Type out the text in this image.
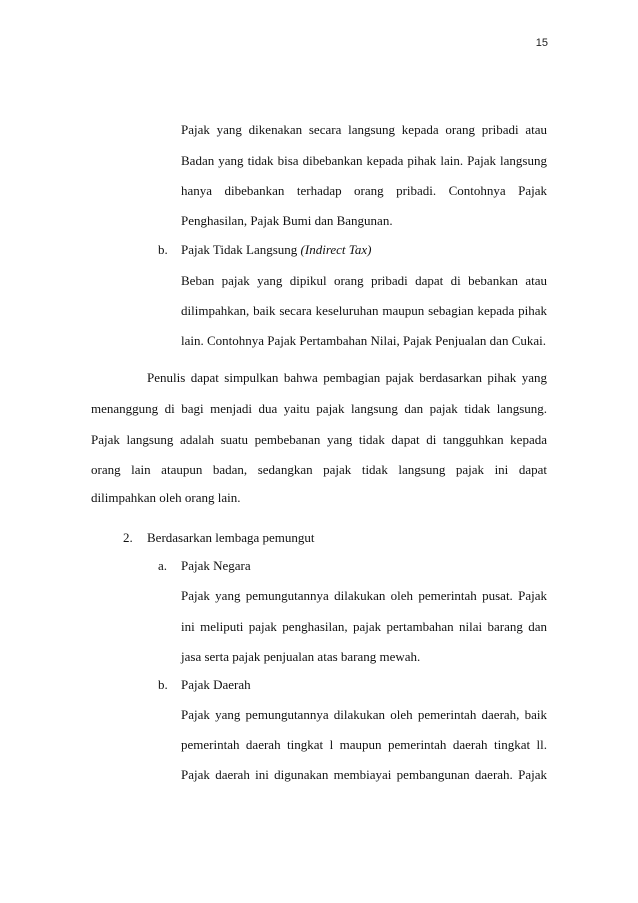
15
Pajak yang dikenakan secara langsung kepada orang pribadi atau
Badan yang tidak bisa dibebankan kepada pihak lain. Pajak langsung
hanya dibebankan terhadap orang pribadi. Contohnya Pajak
Penghasilan, Pajak Bumi dan Bangunan.
b. Pajak Tidak Langsung (Indirect Tax)
Beban pajak yang dipikul orang pribadi dapat di bebankan atau
dilimpahkan, baik secara keseluruhan maupun sebagian kepada pihak
lain. Contohnya Pajak Pertambahan Nilai, Pajak Penjualan dan Cukai.
Penulis dapat simpulkan bahwa pembagian pajak berdasarkan pihak yang
menanggung di bagi menjadi dua yaitu pajak langsung dan pajak tidak langsung.
Pajak langsung adalah suatu pembebanan yang tidak dapat di tangguhkan kepada
orang lain ataupun badan, sedangkan pajak tidak langsung pajak ini dapat
dilimpahkan oleh orang lain.
2. Berdasarkan lembaga pemungut
a. Pajak Negara
Pajak yang pemungutannya dilakukan oleh pemerintah pusat. Pajak
ini meliputi pajak penghasilan, pajak pertambahan nilai barang dan
jasa serta pajak penjualan atas barang mewah.
b. Pajak Daerah
Pajak yang pemungutannya dilakukan oleh pemerintah daerah, baik
pemerintah daerah tingkat l maupun pemerintah daerah tingkat ll.
Pajak daerah ini digunakan membiayai pembangunan daerah. Pajak
